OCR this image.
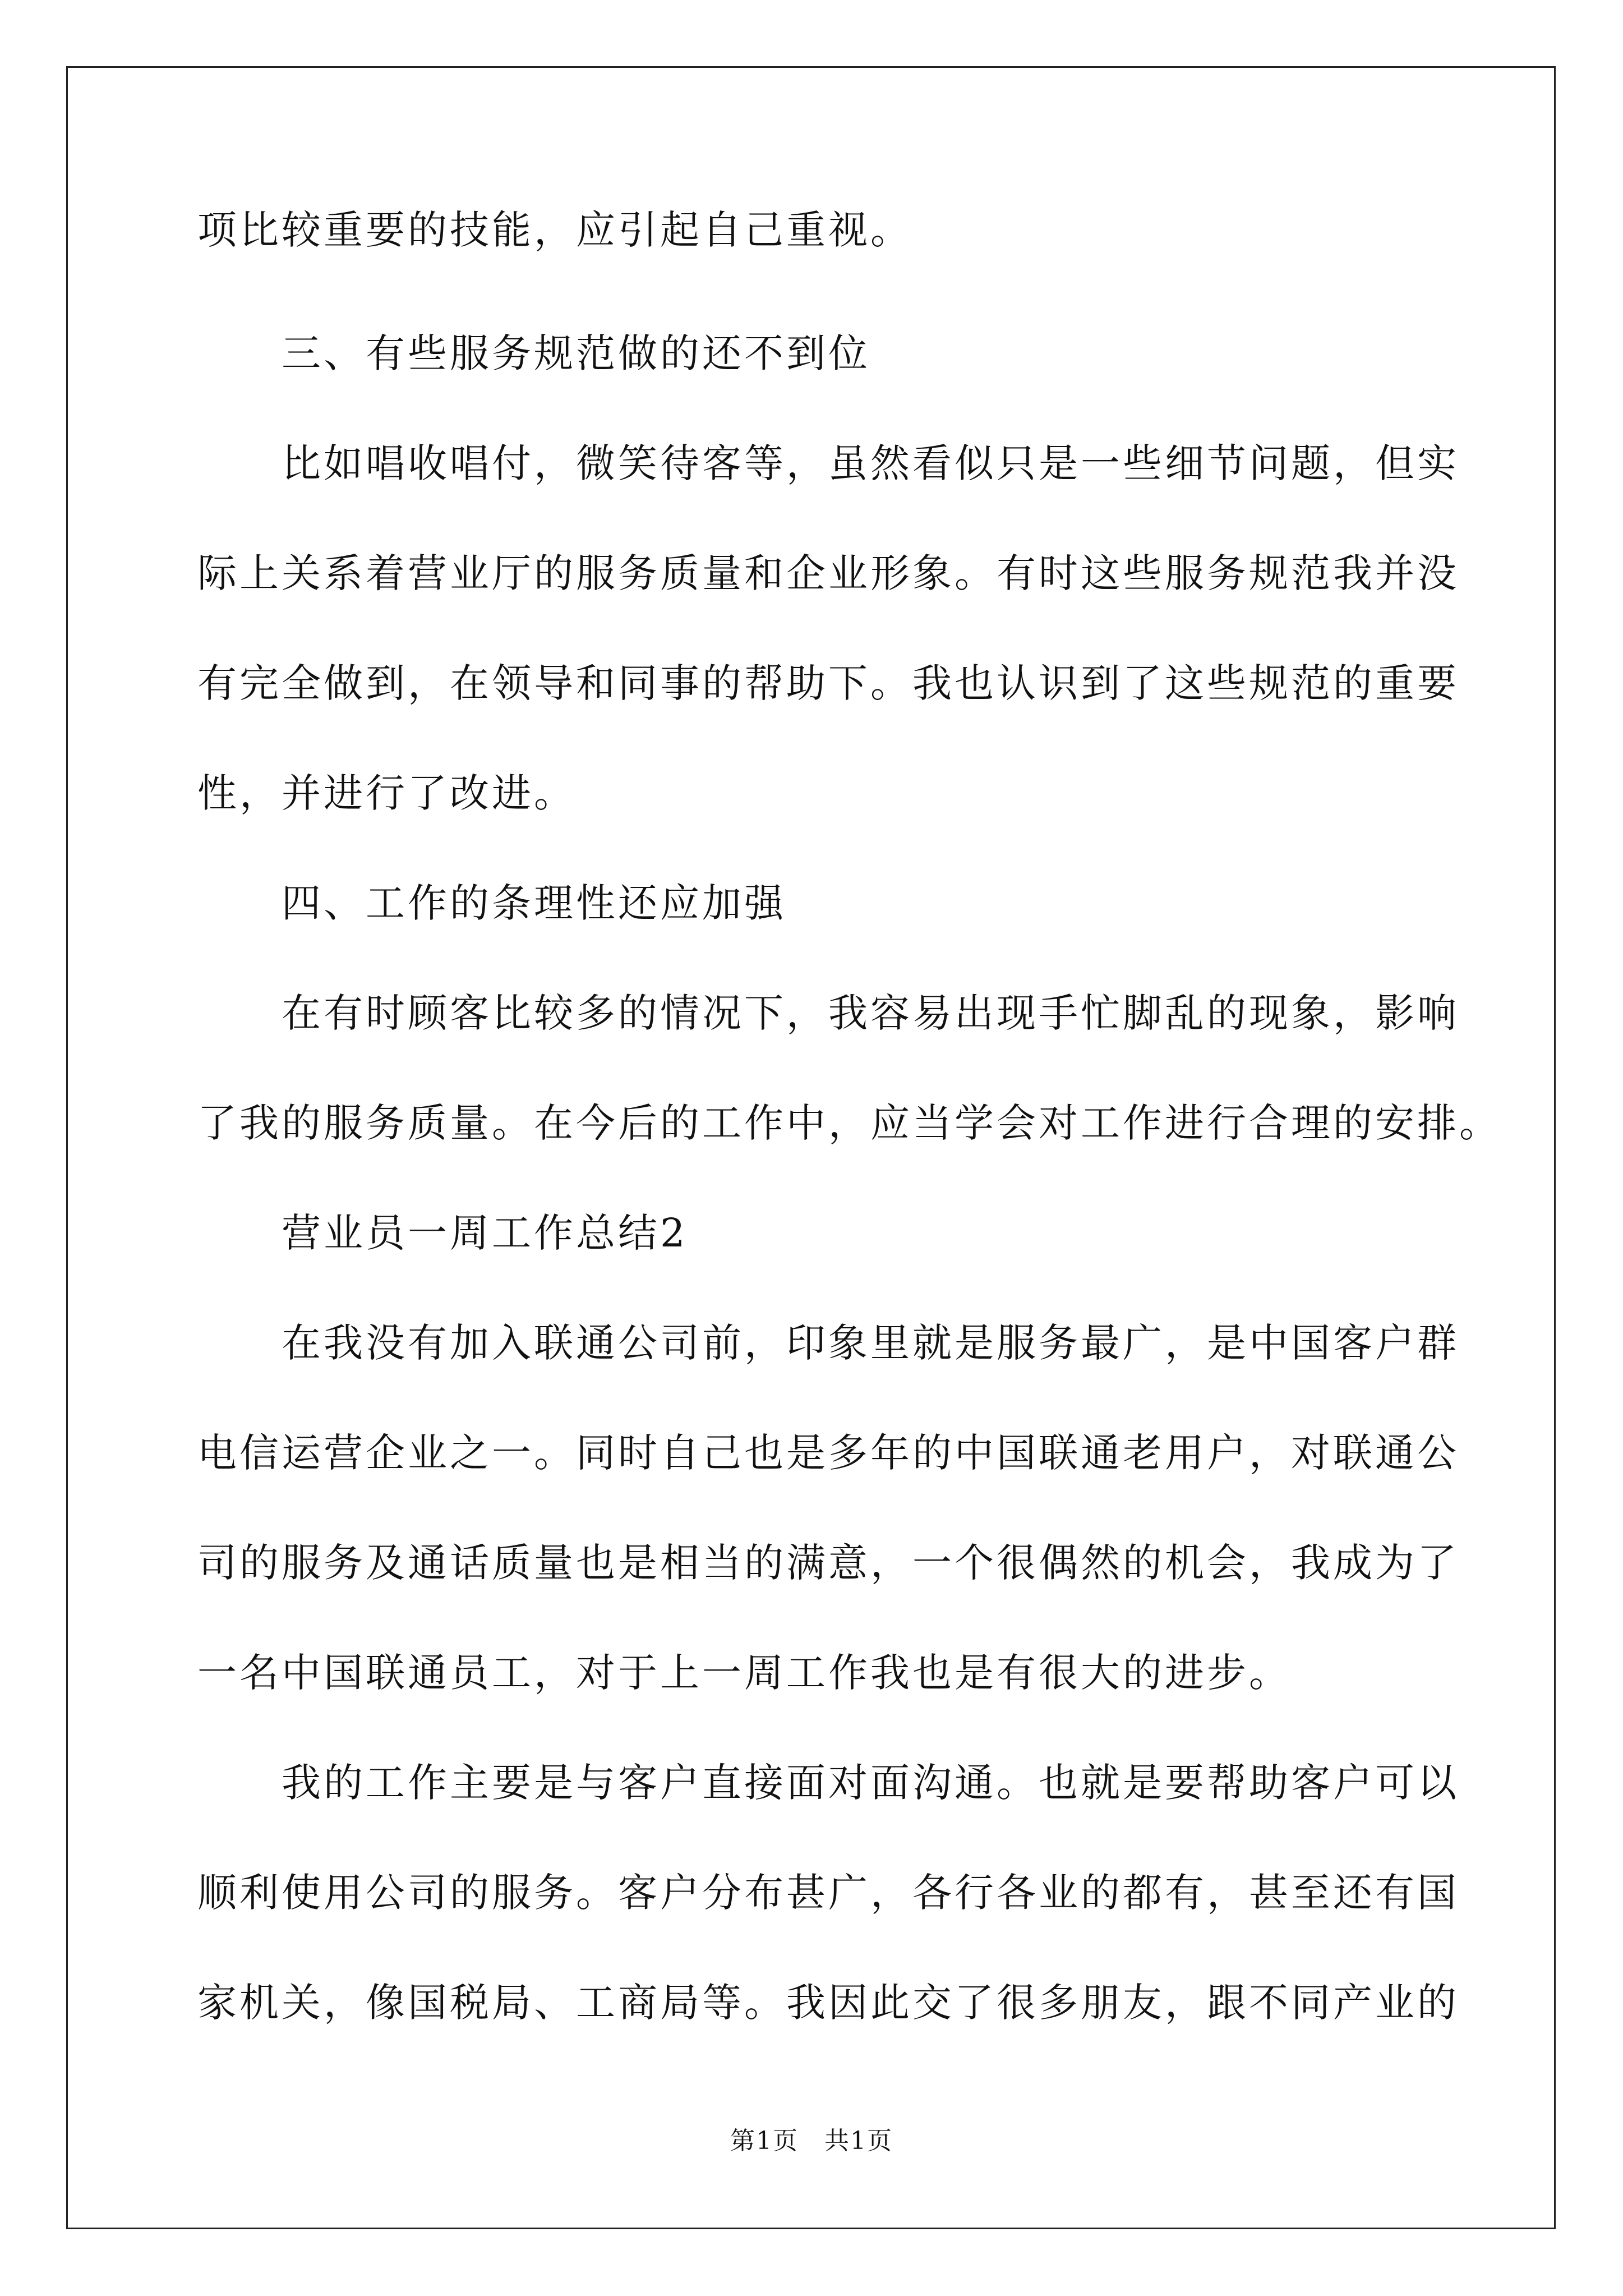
项比较重要的技能，应引起自己重视。
三、有些服务规范做的还不到位
比如唱收唱付，微笑待客等，虽然看似只是一些细节问题，但实
际上关系着营业厅的服务质量和企业形象。有时这些服务规范我并没
有完全做到，在领导和同事的帮助下。我也认识到了这些规范的重要
性，并进行了改进。
四、工作的条理性还应加强
在有时顾客比较多的情况下，我容易出现手忙脚乱的现象，影响
了我的服务质量。在今后的工作中，应当学会对工作进行合理的安排。
营业员一周工作总结2
在我没有加入联通公司前，印象里就是服务最广，是中国客户群
电信运营企业之一。同时自己也是多年的中国联通老用户，对联通公
司的服务及通话质量也是相当的满意，一个很偶然的机会，我成为了
一名中国联通员工，对于上一周工作我也是有很大的进步。
我的工作主要是与客户直接面对面沟通。也就是要帮助客户可以
顺利使用公司的服务。客户分布甚广，各行各业的都有，甚至还有国
家机关，像国税局、工商局等。我因此交了很多朋友，跟不同产业的
第1页　共1页
